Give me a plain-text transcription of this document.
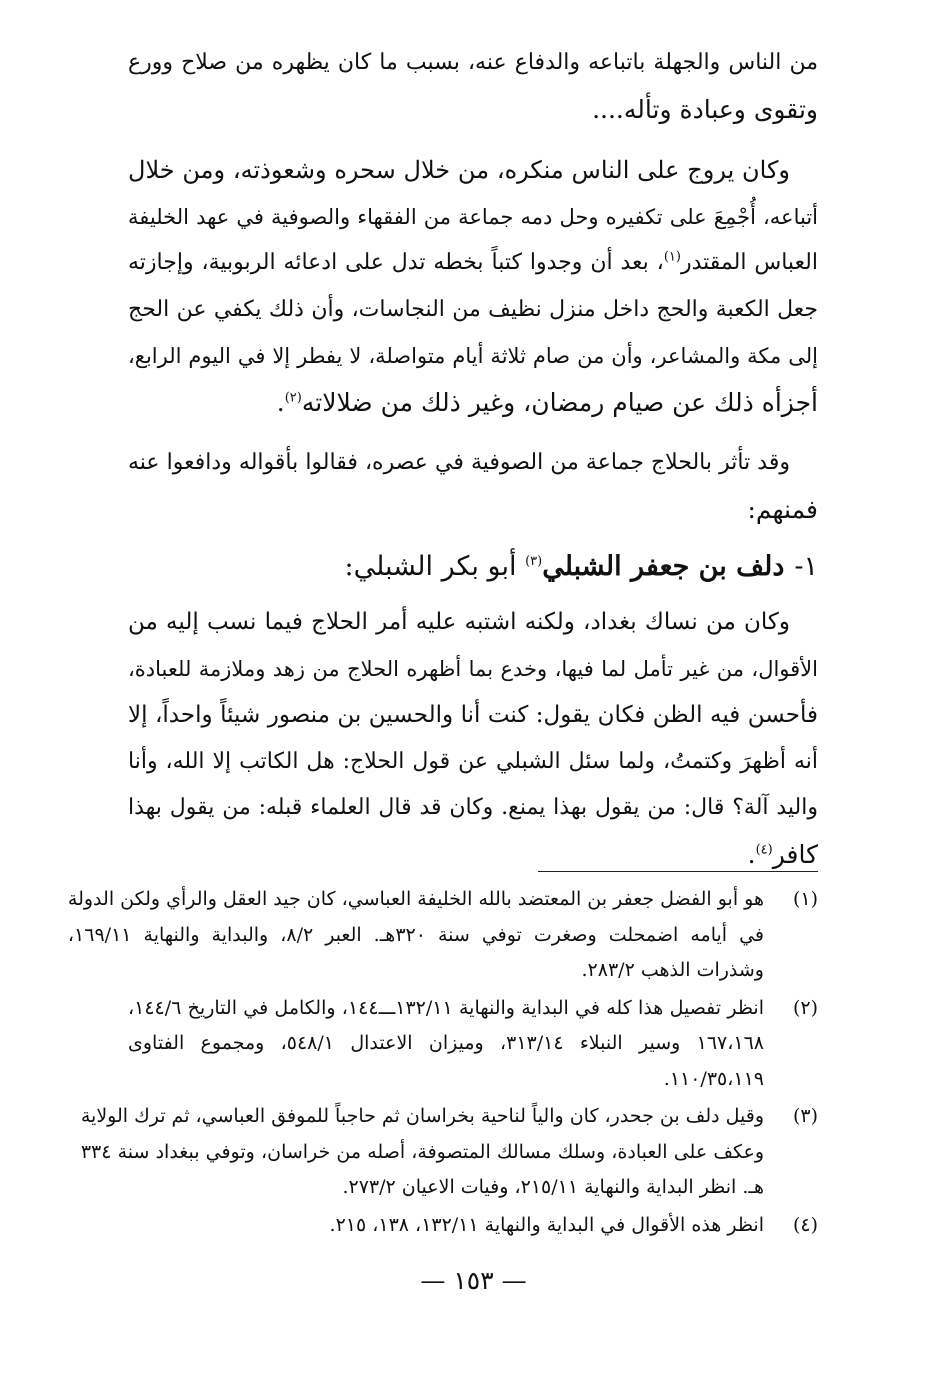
من الناس والجهلة باتباعه والدفاع عنه، بسبب ما كان يظهره من صلاح وورع
وتقوى وعبادة وتأله....
وكان يروج على الناس منكره، من خلال سحره وشعوذته، ومن خلال
أتباعه، أُجْمِعَ على تكفيره وحل دمه جماعة من الفقهاء والصوفية في عهد الخليفة
العباس المقتدر$^{(١)}$، بعد أن وجدوا كتباً بخطه تدل على ادعائه الربوبية، وإجازته
جعل الكعبة والحج داخل منزل نظيف من النجاسات، وأن ذلك يكفي عن الحج
إلى مكة والمشاعر، وأن من صام ثلاثة أيام متواصلة، لا يفطر إلا في اليوم الرابع،
أجزأه ذلك عن صيام رمضان، وغير ذلك من ضلالاته$^{(٢)}$.
وقد تأثر بالحلاج جماعة من الصوفية في عصره، فقالوا بأقواله ودافعوا عنه
فمنهم:
١-دلف بن جعفر الشبلي$^{(٣)}$ أبو بكر الشبلي:
وكان من نساك بغداد، ولكنه اشتبه عليه أمر الحلاج فيما نسب إليه من
الأقوال، من غير تأمل لما فيها، وخدع بما أظهره الحلاج من زهد وملازمة للعبادة،
فأحسن فيه الظن فكان يقول: كنت أنا والحسين بن منصور شيئاً واحداً، إلا
أنه أظهرَ وكتمتُ، ولما سئل الشبلي عن قول الحلاج: هل الكاتب إلا الله، وأنا
واليد آلة؟ قال: من يقول بهذا يمنع. وكان قد قال العلماء قبله: من يقول بهذا
كافر$^{(٤)}$.
(١)
هو أبو الفضل جعفر بن المعتضد بالله الخليفة العباسي، كان جيد العقل والرأي ولكن الدولة
في أيامه اضمحلت وصغرت توفي سنة ٣٢٠هـ. العبر ٨/٢، والبداية والنهاية ١٦٩/١١،
وشذرات الذهب ٢٨٣/٢.
(٢)
انظر تفصيل هذا كله في البداية والنهاية ١٣٢/١١ـــ١٤٤، والكامل في التاريخ ١٤٤/٦،
١٦٧،١٦٨ وسير النبلاء ٣١٣/١٤، وميزان الاعتدال ٥٤٨/١، ومجموع الفتاوى
١١٠/٣٥،١١٩.
(٣)
وقيل دلف بن جحدر، كان والياً لناحية بخراسان ثم حاجباً للموفق العباسي، ثم ترك الولاية
وعكف على العبادة، وسلك مسالك المتصوفة، أصله من خراسان، وتوفي ببغداد سنة ٣٣٤
هـ. انظر البداية والنهاية ٢١٥/١١، وفيات الاعيان ٢٧٣/٢.
(٤)
انظر هذه الأقوال في البداية والنهاية ١٣٢/١١، ١٣٨، ٢١٥.
— ١٥٣ —
